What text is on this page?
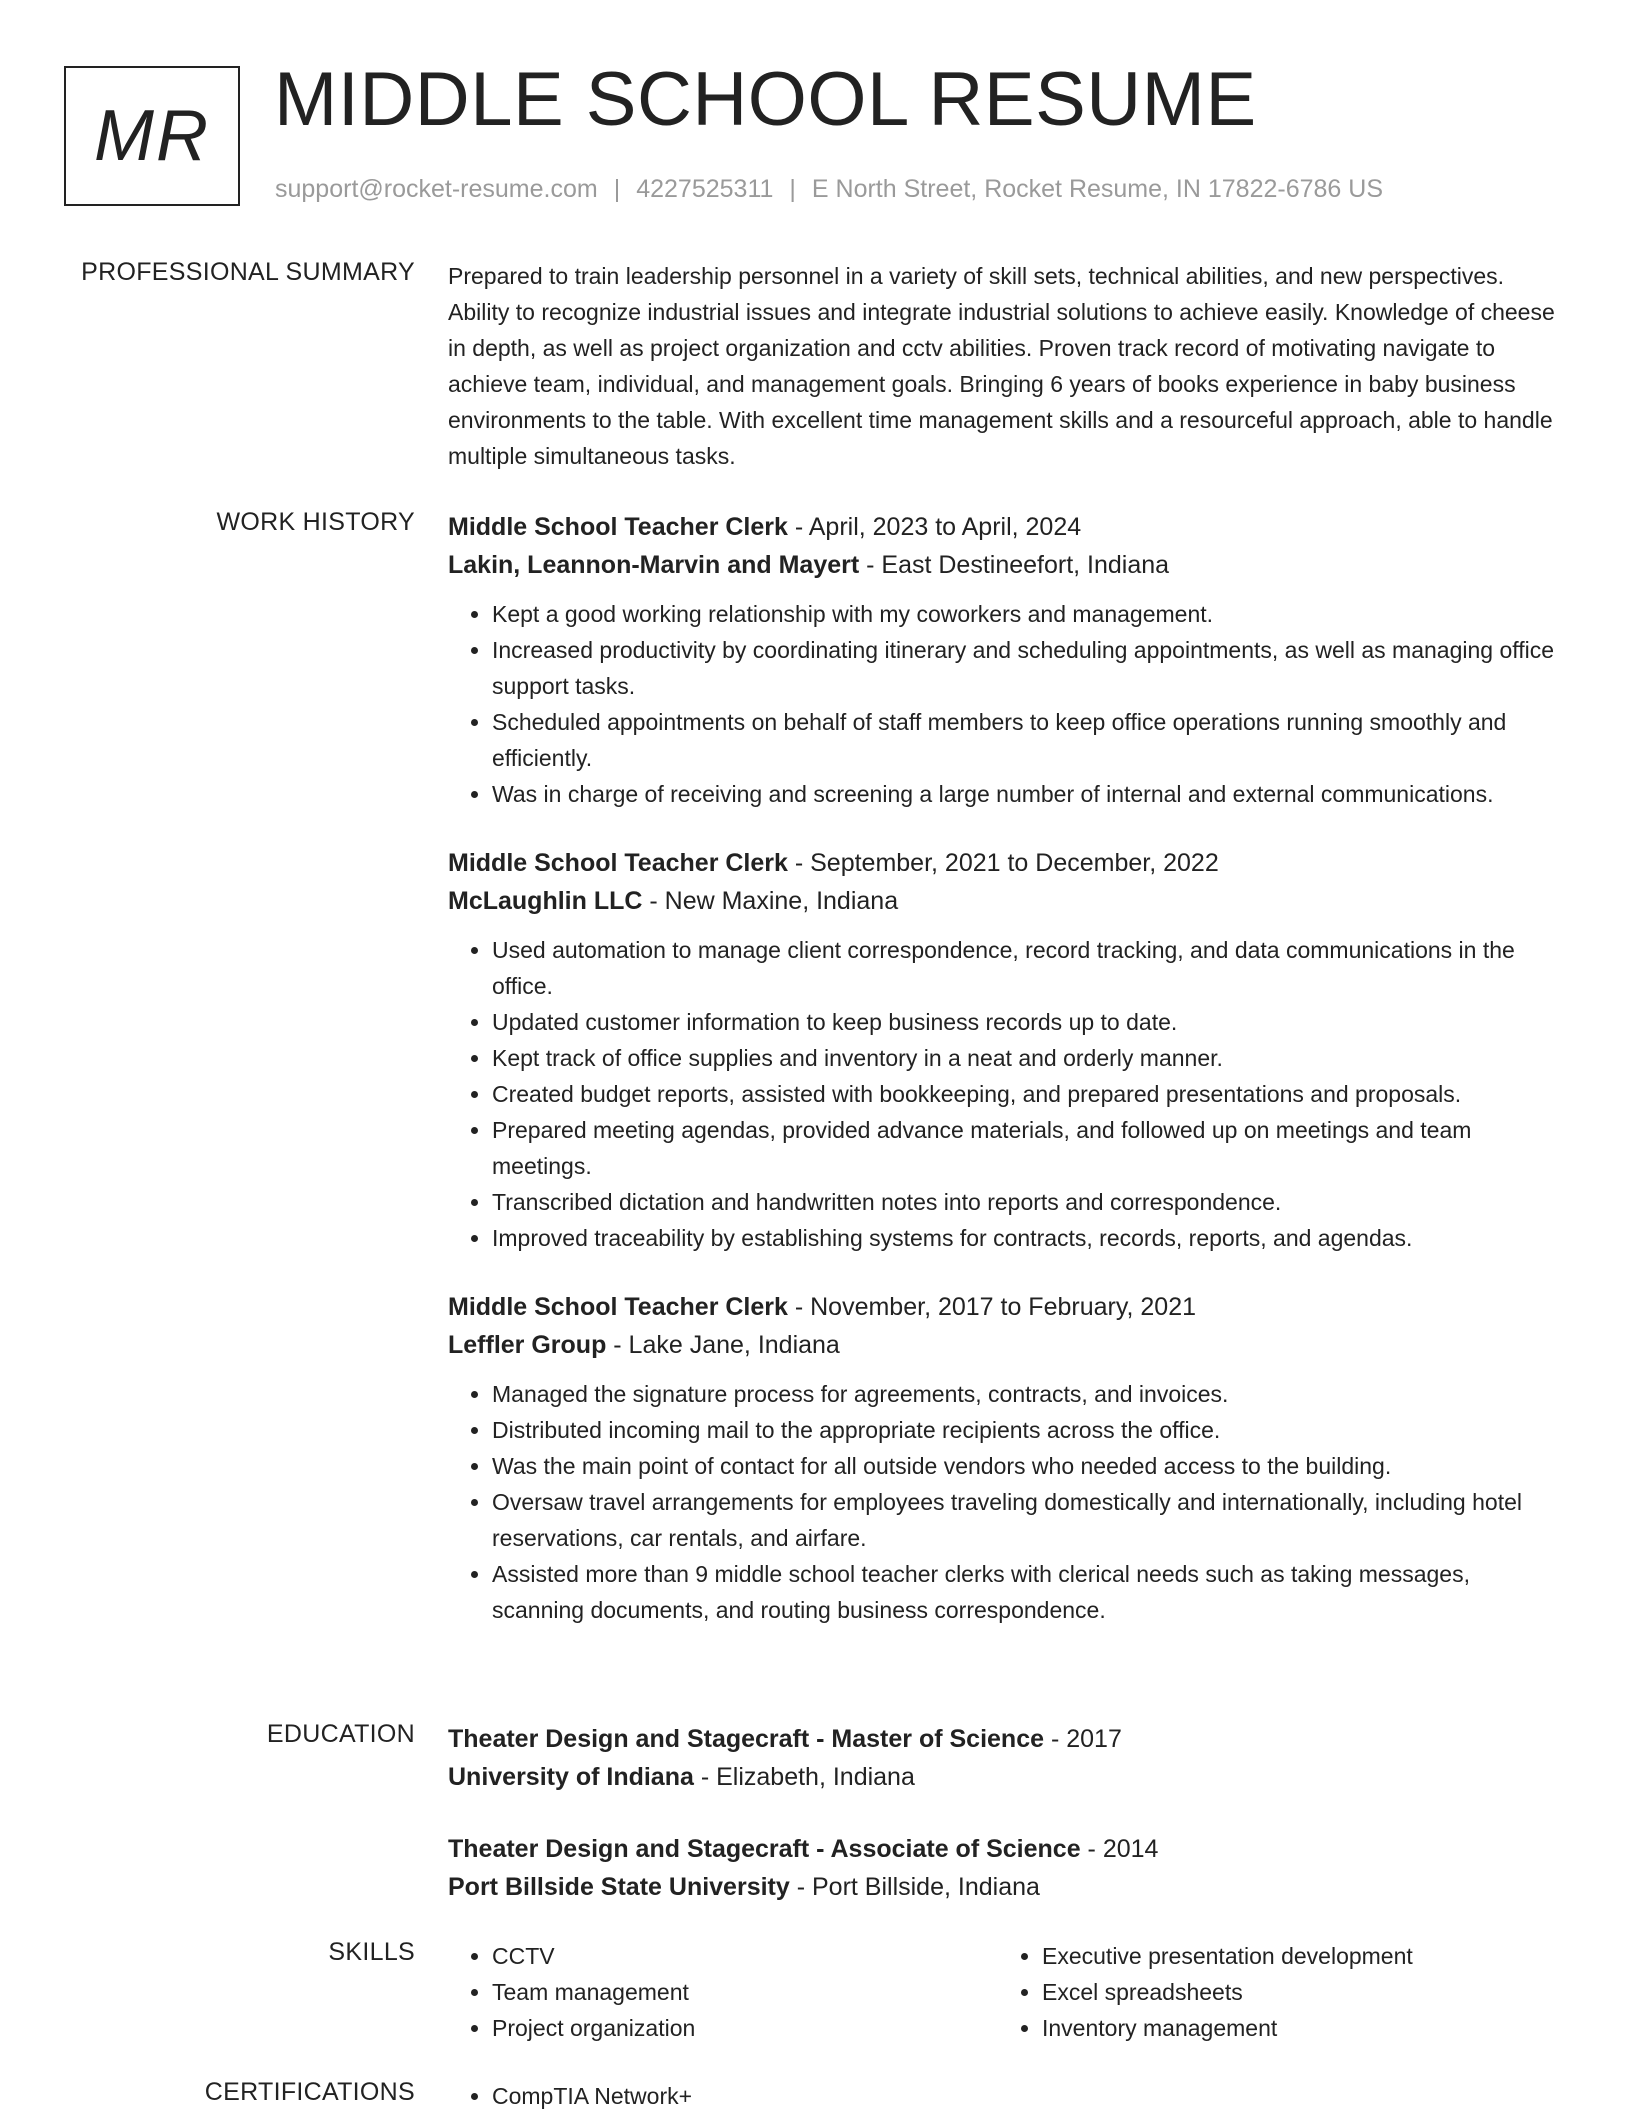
MR MIDDLE SCHOOL RESUME
support@rocket-resume.com | 4227525311 | E North Street, Rocket Resume, IN 17822-6786 US
PROFESSIONAL SUMMARY Prepared to train leadership personnel in a variety of skill sets, technical abilities, and new perspectives. Ability to recognize industrial issues and integrate industrial solutions to achieve easily. Knowledge of cheese in depth, as well as project organization and cctv abilities. Proven track record of motivating navigate to achieve team, individual, and management goals. Bringing 6 years of books experience in baby business environments to the table. With excellent time management skills and a resourceful approach, able to handle multiple simultaneous tasks.

WORK HISTORY Middle School Teacher Clerk - April, 2023 to April, 2024
Lakin, Leannon-Marvin and Mayert - East Destineefort, Indiana
• Kept a good working relationship with my coworkers and management.
• Increased productivity by coordinating itinerary and scheduling appointments, as well as managing office support tasks.
• Scheduled appointments on behalf of staff members to keep office operations running smoothly and efficiently.
• Was in charge of receiving and screening a large number of internal and external communications.
Middle School Teacher Clerk - September, 2021 to December, 2022
McLaughlin LLC - New Maxine, Indiana
• Used automation to manage client correspondence, record tracking, and data communications in the office.
• Updated customer information to keep business records up to date.
• Kept track of office supplies and inventory in a neat and orderly manner.
• Created budget reports, assisted with bookkeeping, and prepared presentations and proposals.
• Prepared meeting agendas, provided advance materials, and followed up on meetings and team meetings.
• Transcribed dictation and handwritten notes into reports and correspondence.
• Improved traceability by establishing systems for contracts, records, reports, and agendas.
Middle School Teacher Clerk - November, 2017 to February, 2021
Leffler Group - Lake Jane, Indiana
• Managed the signature process for agreements, contracts, and invoices.
• Distributed incoming mail to the appropriate recipients across the office.
• Was the main point of contact for all outside vendors who needed access to the building.
• Oversaw travel arrangements for employees traveling domestically and internationally, including hotel reservations, car rentals, and airfare.
• Assisted more than 9 middle school teacher clerks with clerical needs such as taking messages, scanning documents, and routing business correspondence.
EDUCATION Theater Design and Stagecraft - Master of Science - 2017
University of Indiana - Elizabeth, Indiana
Theater Design and Stagecraft - Associate of Science - 2014
Port Billside State University - Port Billside, Indiana
SKILLS	• CCTV
• Team management
• Project organization
• Executive presentation development
• Excel spreadsheets
• Inventory management
CERTIFICATIONS	• CompTIA Network+
